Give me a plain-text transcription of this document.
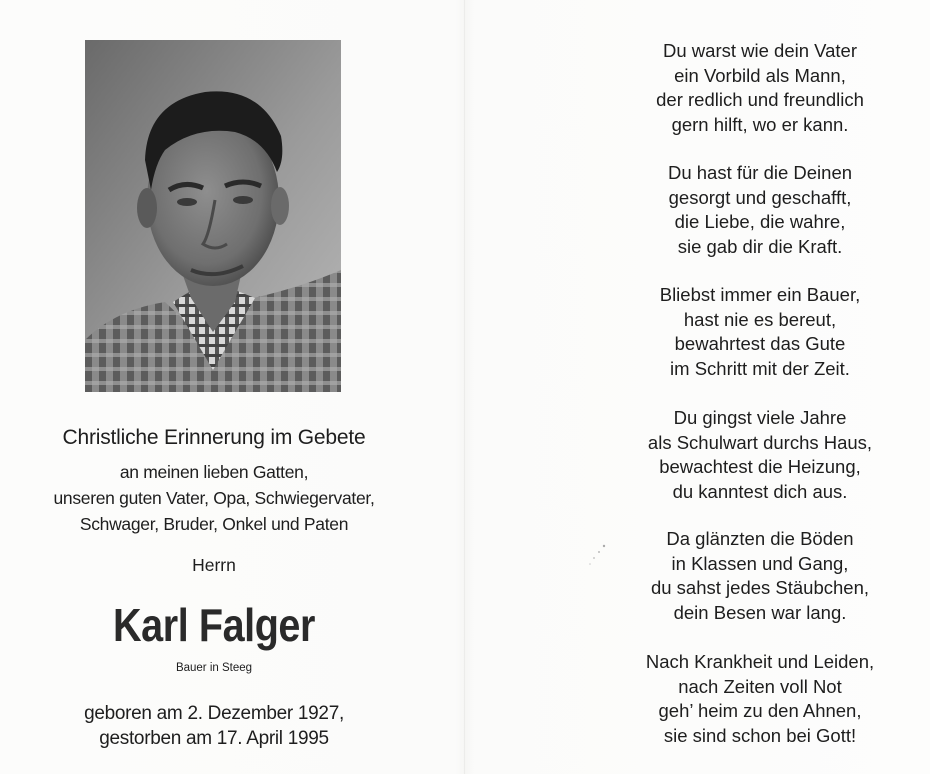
Christliche Erinnerung im Gebete
an meinen lieben Gatten,
unseren guten Vater, Opa, Schwiegervater,
Schwager, Bruder, Onkel und Paten
Herrn
Karl Falger
Bauer in Steeg
geboren am 2. Dezember 1927,
gestorben am 17. April 1995
Du warst wie dein Vater
ein Vorbild als Mann,
der redlich und freundlich
gern hilft, wo er kann.
Du hast für die Deinen
gesorgt und geschafft,
die Liebe, die wahre,
sie gab dir die Kraft.
Bliebst immer ein Bauer,
hast nie es bereut,
bewahrtest das Gute
im Schritt mit der Zeit.
Du gingst viele Jahre
als Schulwart durchs Haus,
bewachtest die Heizung,
du kanntest dich aus.
Da glänzten die Böden
in Klassen und Gang,
du sahst jedes Stäubchen,
dein Besen war lang.
Nach Krankheit und Leiden,
nach Zeiten voll Not
geh’ heim zu den Ahnen,
sie sind schon bei Gott!
